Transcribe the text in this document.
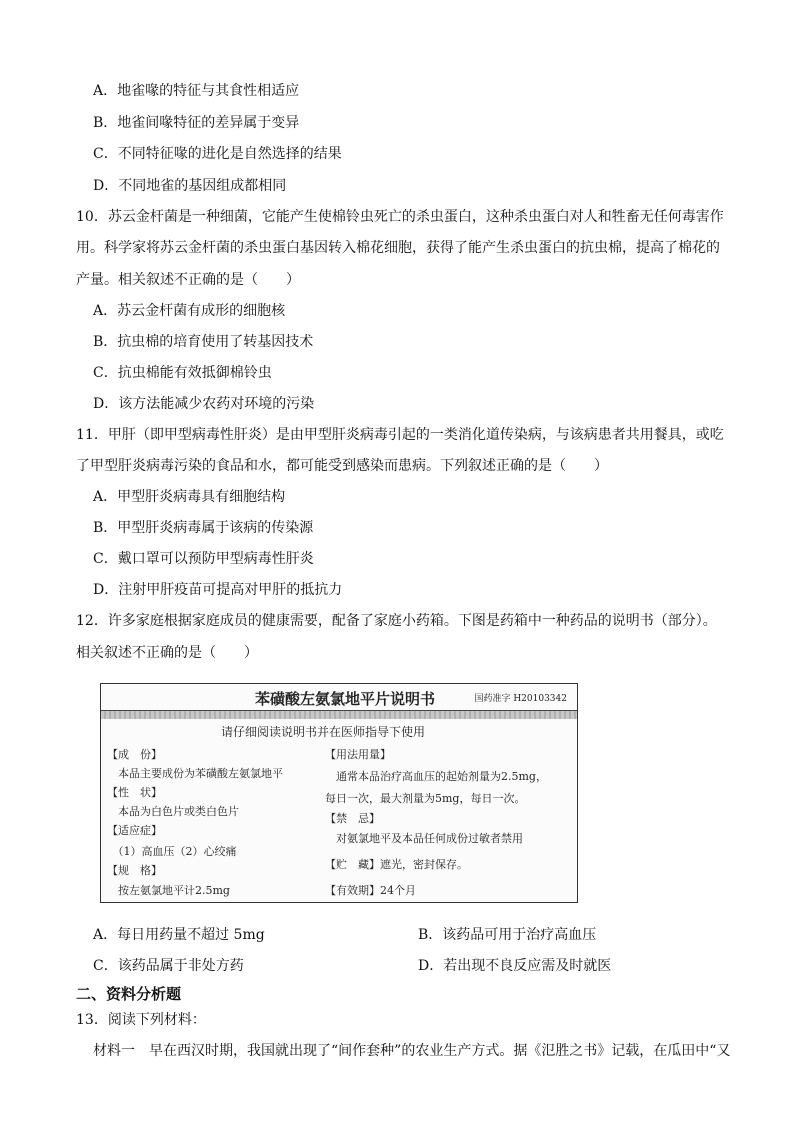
A．地雀喙的特征与其食性相适应
B．地雀间喙特征的差异属于变异
C．不同特征喙的进化是自然选择的结果
D．不同地雀的基因组成都相同
10．苏云金杆菌是一种细菌，它能产生使棉铃虫死亡的杀虫蛋白，这种杀虫蛋白对人和牲畜无任何毒害作
用。科学家将苏云金杆菌的杀虫蛋白基因转入棉花细胞，获得了能产生杀虫蛋白的抗虫棉，提高了棉花的
产量。相关叙述不正确的是（　　）
A．苏云金杆菌有成形的细胞核
B．抗虫棉的培育使用了转基因技术
C．抗虫棉能有效抵御棉铃虫
D．该方法能减少农药对环境的污染
11．甲肝（即甲型病毒性肝炎）是由甲型肝炎病毒引起的一类消化道传染病，与该病患者共用餐具，或吃
了甲型肝炎病毒污染的食品和水，都可能受到感染而患病。下列叙述正确的是（　　）
A．甲型肝炎病毒具有细胞结构
B．甲型肝炎病毒属于该病的传染源
C．戴口罩可以预防甲型病毒性肝炎
D．注射甲肝疫苗可提高对甲肝的抵抗力
12．许多家庭根据家庭成员的健康需要，配备了家庭小药箱。下图是药箱中一种药品的说明书（部分）。
相关叙述不正确的是（　　）
苯磺酸左氨氯地平片说明书	国药准字 H20103342
请仔细阅读说明书并在医师指导下使用
【成　份】
　本品主要成份为苯磺酸左氨氯地平
【性　状】
　本品为白色片或类白色片
【适应症】
　（1）高血压（2）心绞痛
【规　格】
　按左氨氯地平计2.5mg
【用法用量】
　通常本品治疗高血压的起始剂量为2.5mg，
每日一次，最大剂量为5mg，每日一次。
【禁　忌】
　对氨氯地平及本品任何成份过敏者禁用
【贮　藏】遮光，密封保存。
【有效期】24个月
A．每日用药量不超过 5mg	B．该药品可用于治疗高血压
C．该药品属于非处方药	D．若出现不良反应需及时就医
二、资料分析题
13．阅读下列材料：
材料一　早在西汉时期，我国就出现了“间作套种”的农业生产方式。据《氾胜之书》记载，在瓜田中“又
